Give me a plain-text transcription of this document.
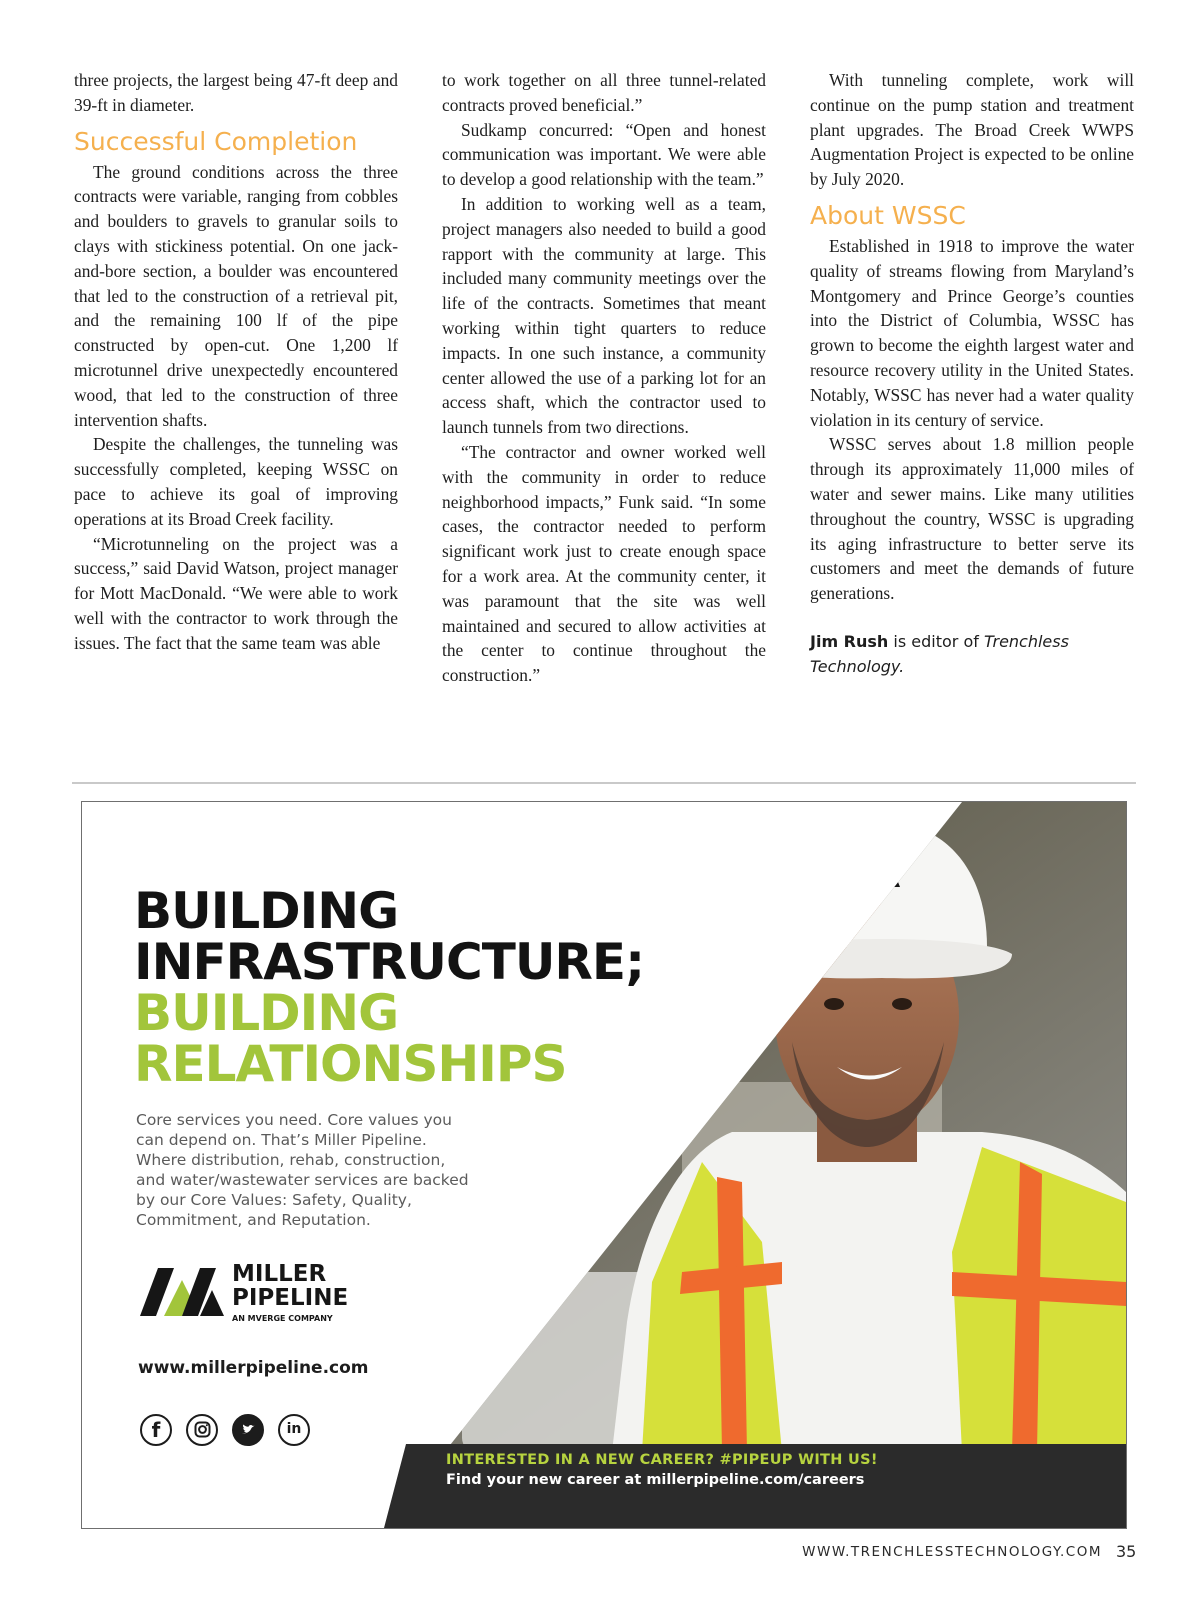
three projects, the largest being 47-ft deep and 39-ft in diameter.

Successful Completion

The ground conditions across the three contracts were variable, ranging from cobbles and boulders to gravels to granular soils to clays with stickiness potential. On one jack-and-bore section, a boulder was encountered that led to the construction of a retrieval pit, and the remaining 100 lf of the pipe constructed by open-cut. One 1,200 lf microtunnel drive unexpectedly encountered wood, that led to the construction of three intervention shafts.

Despite the challenges, the tunneling was successfully completed, keeping WSSC on pace to achieve its goal of improving operations at its Broad Creek facility.

“Microtunneling on the project was a success,” said David Watson, project manager for Mott MacDonald. “We were able to work well with the contractor to work through the issues. The fact that the same team was able

to work together on all three tunnel-related contracts proved beneficial.”

Sudkamp concurred: “Open and honest communication was important. We were able to develop a good relationship with the team.”

In addition to working well as a team, project managers also needed to build a good rapport with the community at large. This included many community meetings over the life of the contracts. Sometimes that meant working within tight quarters to reduce impacts. In one such instance, a community center allowed the use of a parking lot for an access shaft, which the contractor used to launch tunnels from two directions.

“The contractor and owner worked well with the community in order to reduce neighborhood impacts,” Funk said. “In some cases, the contractor needed to perform significant work just to create enough space for a work area. At the community center, it was paramount that the site was well maintained and secured to allow activities at the center to continue throughout the construction.”

With tunneling complete, work will continue on the pump station and treatment plant upgrades. The Broad Creek WWPS Augmentation Project is expected to be online by July 2020.

About WSSC

Established in 1918 to improve the water quality of streams flowing from Maryland’s Montgomery and Prince George’s counties into the District of Columbia, WSSC has grown to become the eighth largest water and resource recovery utility in the United States. Notably, WSSC has never had a water quality violation in its century of service.

WSSC serves about 1.8 million people through its approximately 11,000 miles of water and sewer mains. Like many utilities throughout the country, WSSC is upgrading its aging infrastructure to better serve its customers and meet the demands of future generations.

Jim Rush is editor of Trenchless Technology.

BUILDING
INFRASTRUCTURE;
BUILDING
RELATIONSHIPS

Core services you need. Core values you can depend on. That’s Miller Pipeline. Where distribution, rehab, construction, and water/wastewater services are backed by our Core Values: Safety, Quality, Commitment, and Reputation.

MILLER
PIPELINE
AN MVERGE COMPANY
www.millerpipeline.com
f	in
INTERESTED IN A NEW CAREER? #PIPEUP WITH US!
Find your new career at millerpipeline.com/careers
WWW.TRENCHLESSTECHNOLOGY.COM 35
